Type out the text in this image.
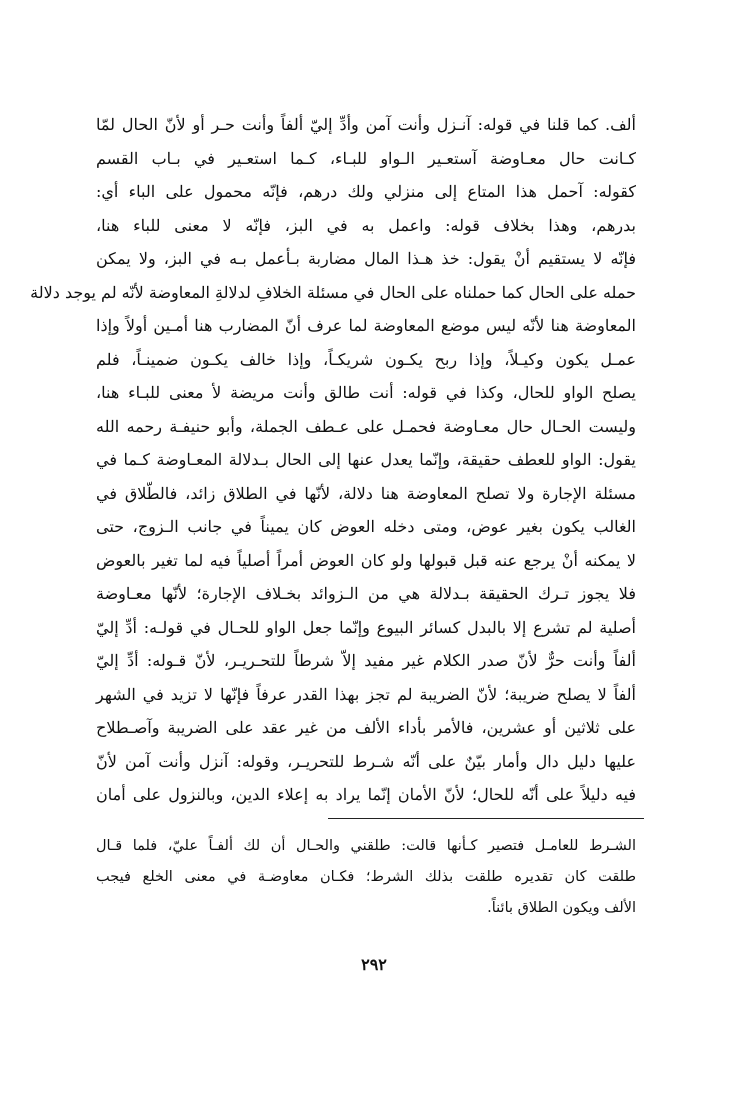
ألف. كما قلنا في قوله: آنـزل وأنت آمن وأدِّ إليّ ألفاً وأنت حـر أو لأنّ الحال لمّا
كـانت حال معـاوضة آستعـير الـواو للبـاء، كـما استعـير في بـاب القسم
كقوله: آحمل هذا المتاع إلى منزلي ولك درهم، فإنّه محمول على الباء أي:
بدرهم، وهذا بخلاف قوله: واعمل به في البز، فإنّه لا معنى للباء هنا،
فإنّه لا يستقيم أنْ يقول: خذ هـذا المال مضاربة بـأعمل بـه في البز، ولا يمكن
حمله على الحال كما حملناه على الحال في مسئلة الخلافِ لدلالةِ المعاوضة لأنّه لم يوجد دلالة
المعاوضة هنا لأنّه ليس موضع المعاوضة لما عرف أنّ المضارب هنا أمـين أولاً وإذا
عمـل يكون وكيـلاً، وإذا ربح يكـون شريكـاً، وإذا خالف يكـون ضمينـاً، فلم
يصلح الواو للحال، وكذا في قوله: أنت طالق وأنت مريضة لأ معنى للبـاء هنا،
وليست الحـال حال معـاوضة فحمـل على عـطف الجملة، وأبو حنيفـة رحمه الله
يقول: الواو للعطف حقيقة، وإنّما يعدل عنها إلى الحال بـدلالة المعـاوضة كـما في
مسئلة الإجارة ولا تصلح المعاوضة هنا دلالة، لأنّها في الطلاق زائد، فالطّلاق في
الغالب يكون بغير عوض، ومتى دخله العوض كان يميناً في جانب الـزوج، حتى
لا يمكنه أنْ يرجع عنه قبل قبولها ولو كان العوض أمراً أصلياً فيه لما تغير بالعوض
فلا يجوز تـرك الحقيقة بـدلالة هي من الـزوائد بخـلاف الإجارة؛ لأنّها معـاوضة
أصلية لم تشرع إلا بالبدل كسائر البيوع وإنّما جعل الواو للحـال في قولـه: أدِّ إليّ
ألفاً وأنت حرٌّ لأنّ صدر الكلام غير مفيد إلاّ شرطاً للتحـريـر، لأنّ قـوله: أدِّ إليّ
ألفاً لا يصلح ضريبة؛ لأنّ الضريبة لم تجز بهذا القدر عرفاً فإنّها لا تزيد في الشهر
على ثلاثين أو عشرين، فالأمر بأداء الألف من غير عقد على الضريبة وآصـطلاح
عليها دليل دال وأمار بيّنٌ على أنّه شـرط للتحريـر، وقوله: آنزل وأنت آمن لأنّ
فيه دليلاً على أنّه للحال؛ لأنّ الأمان إنّما يراد به إعلاء الدين، وبالنزول على أمان
الشـرط للعامـل فتصير كـأنها قالت: طلقني والحـال أن لك ألفـاً عليّ، فلما قـال
طلقت كان تقديره طلقت بذلك الشرط؛ فكـان معاوضـة في معنى الخلع فيجب
الألف ويكون الطلاق بائناً.
٢٩٢
